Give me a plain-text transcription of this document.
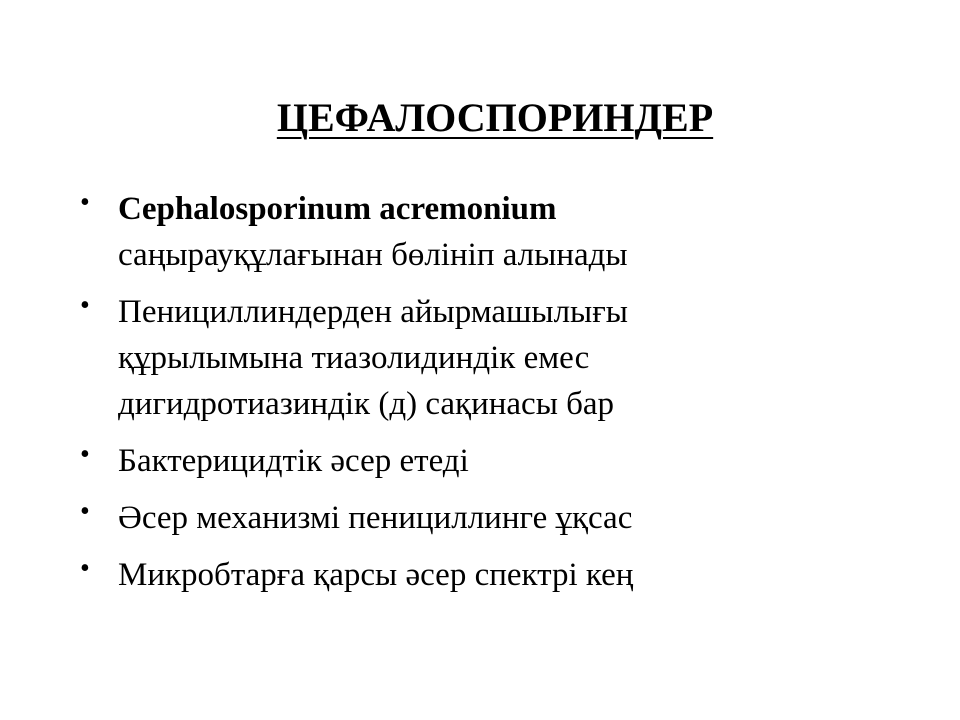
ЦЕФАЛОСПОРИНДЕР
• Cephalosporinum acremonium
саңырауқұлағынан бөлініп алынады
• Пенициллиндерден айырмашылығы
құрылымына тиазолидиндік емес
дигидротиазиндік (д) сақинасы бар
• Бактерицидтік әсер етеді
• Әсер механизмі пенициллинге ұқсас
• Микробтарға қарсы әсер спектрі кең
